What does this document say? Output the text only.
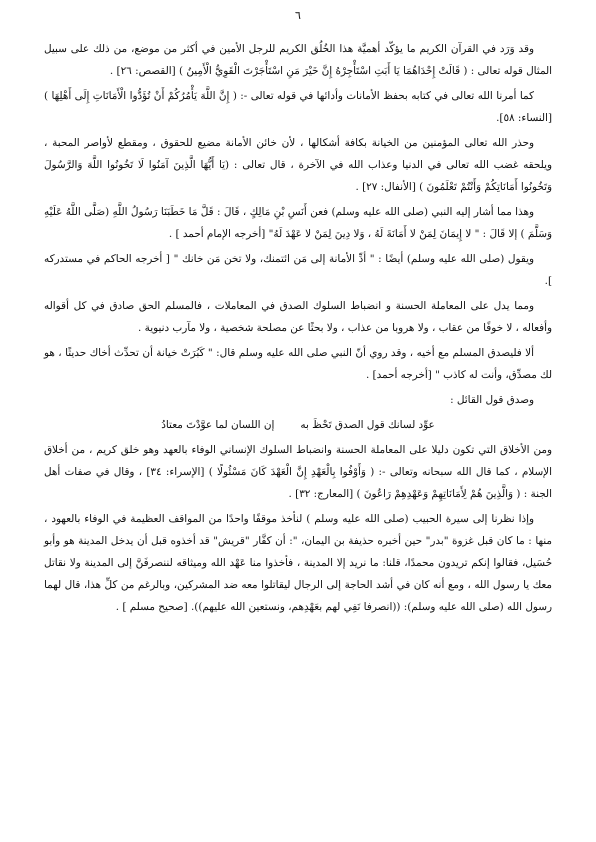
٦

وقد وَرَد في القرآن الكريم ما يؤكّد أهميَّة هذا الخُلُق الكريم للرجل الأمين في أكثر من موضع، من ذلك على سبيل المثال قوله تعالى : ( قَالَتْ إِحْدَاهُمَا يَا أَبَتِ اسْتَأْجِرْهُ إِنَّ خَيْرَ مَنِ اسْتَأْجَرْتَ الْقَوِيُّ الْأَمِينُ ) [القصص: ٢٦] .

كما أمرنا الله تعالى في كتابه بحفظ الأمانات وأدائها في قوله تعالى -: ( إِنَّ اللَّهَ يَأْمُرُكُمْ أَنْ تُؤَدُّوا الْأَمَانَاتِ إِلَى أَهْلِهَا ) [النساء: ٥٨].

وحذر الله تعالى المؤمنين من الخيانة بكافة أشكالها ، لأن خائن الأمانة مضيع للحقوق ، ومقطع لأواصر المحبة ، ويلحقه غضب الله تعالى في الدنيا وعذاب الله في الآخرة ، قال تعالى : (يَا أَيُّهَا الَّذِينَ آمَنُوا لَا تَخُونُوا اللَّهَ وَالرَّسُولَ وَتَخُونُوا أَمَانَاتِكُمْ وَأَنْتُمْ تَعْلَمُونَ ) [الأنفال: ٢٧] .

وهذا مما أشار إليه النبي (صلى الله عليه وسلم) فعن أَنَسِ بْنِ مَالِكٍ ، قَالَ : قَلَّ مَا خَطَبَنَا رَسُولُ اللَّهِ (صَلَّى اللَّهُ عَلَيْهِ وَسَلَّمَ ) إلا قَالَ : " لا إِيمَانَ لِمَنْ لا أَمَانَةَ لَهُ ، وَلا دِينَ لِمَنْ لا عَهْدَ لَهُ" [أخرجه الإمام أحمد ] .

ويقول (صلى الله عليه وسلم) أيضًا : " أدِّ الأمانة إلى مَن ائتمنك، ولا تخن مَن خانك " [ أخرجه الحاكم في مستدركه ].

ومما يدل على المعاملة الحسنة و انضباط السلوك الصدق في المعاملات ، فالمسلم الحق صادق في كل أقواله وأفعاله ، لا خوفًا من عقاب ، ولا هروبا من عذاب ، ولا بحثًا عن مصلحة شخصية ، ولا مآرب دنيوية .

ألا فليصدق المسلم مع أخيه ، وقد روي أنّ النبي صلى الله عليه وسلم قال: " كَبُرَتْ خيانة أن تحدِّث أخاك حديثًا ، هو لك مصدِّق، وأنت له كاذب " [أخرجه أحمد] .

وصدق قول القائل :

عوِّد لسانك قول الصدق تَحْظَ به
إن اللسان لما عوَّدْتَ معتادُ

ومن الأخلاق التي تكون دليلا على المعاملة الحسنة وانضباط السلوك الإنساني الوفاء بالعهد وهو خلق كريم ، من أخلاق الإسلام ، كما قال الله سبحانه وتعالى -: ( وَأَوْفُوا بِالْعَهْدِ إِنَّ الْعَهْدَ كَانَ مَسْئُولًا ) [الإسراء: ٣٤] ، وقال في صفات أهل الجنة : ( وَالَّذِينَ هُمْ لِأَمَانَاتِهِمْ وَعَهْدِهِمْ رَاعُونَ ) [المعارج: ٣٢] .

وإذا نظرنا إلى سيرة الحبيب (صلى الله عليه وسلم ) لنأخذ موقفًا واحدًا من المواقف العظيمة في الوفاء بالعهود ، منها : ما كان قبل غزوة "بدر" حين أخبره حذيفة بن اليمان، ": أن كفَّار "قريش" قد أخذوه قبل أن يدخل المدينة هو وأبو حُسَيل، فقالوا إنكم تريدون محمدًا، قلنا: ما نريد إلا المدينة ، فأخذوا منا عَهْد الله وميثاقه لننصرفَنَّ إلى المدينة ولا نقاتل معك يا رسول الله ، ومع أنه كان في أشد الحاجة إلى الرجال ليقاتلوا معه ضد المشركين، وبالرغم من كلِّ هذا، قال لهما رسول الله (صلى الله عليه وسلم): ((انصرفا نَفِي لهم بعَهْدِهم، ونستعين الله عليهم)). [صحيح مسلم ] .
